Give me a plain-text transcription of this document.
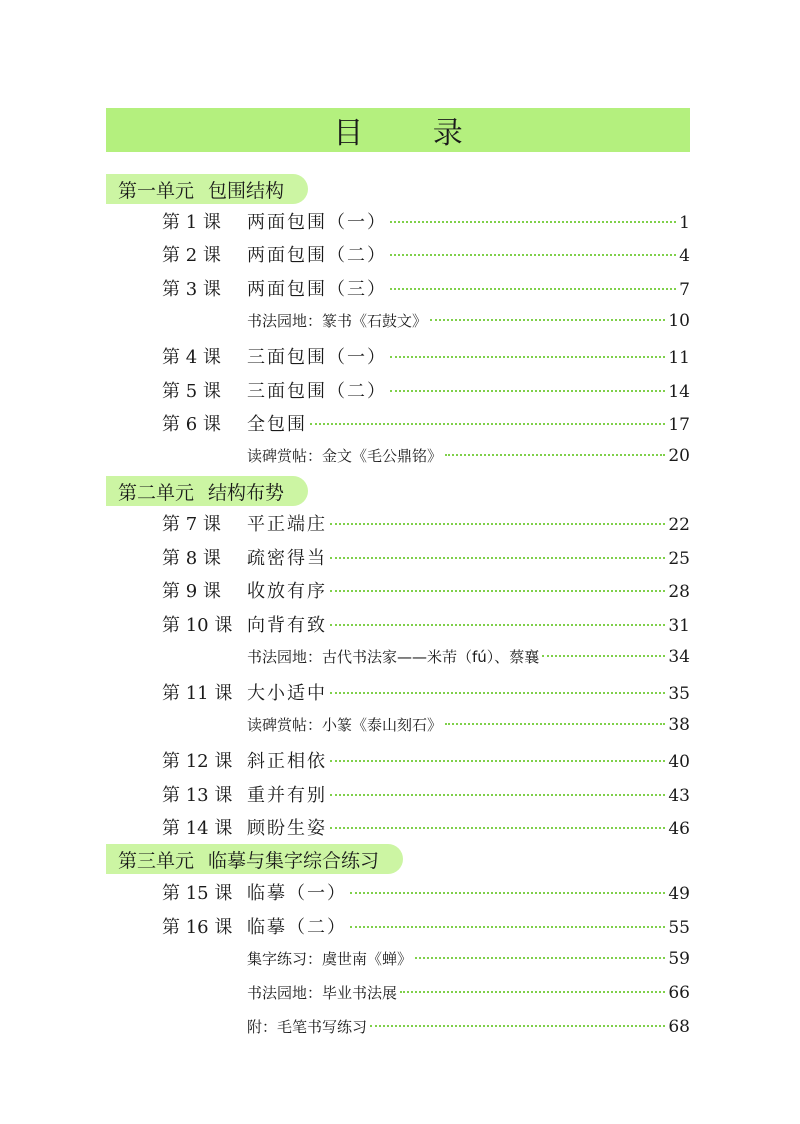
目 录
第一单元 包围结构
第 1 课	两面包围（一）	1
第 2 课	两面包围（二）	4
第 3 课	两面包围（三）	7
书法园地：篆书《石鼓文》	10
第 4 课	三面包围（一）	11
第 5 课	三面包围（二）	14
第 6 课	全包围	17
读碑赏帖：金文《毛公鼎铭》	20
第二单元 结构布势
第 7 课	平正端庄	22
第 8 课	疏密得当	25
第 9 课	收放有序	28
第 10 课 向背有致	31
书法园地：古代书法家——米芾（fú）、蔡襄	34
第 11 课 大小适中	35
读碑赏帖：小篆《泰山刻石》	38
第 12 课 斜正相依	40
第 13 课 重并有别	43
第 14 课 顾盼生姿	46
第三单元 临摹与集字综合练习
第 15 课 临摹（一）	49
第 16 课 临摹（二）	55
集字练习：虞世南《蝉》	59
书法园地：毕业书法展	66
附：毛笔书写练习	68
